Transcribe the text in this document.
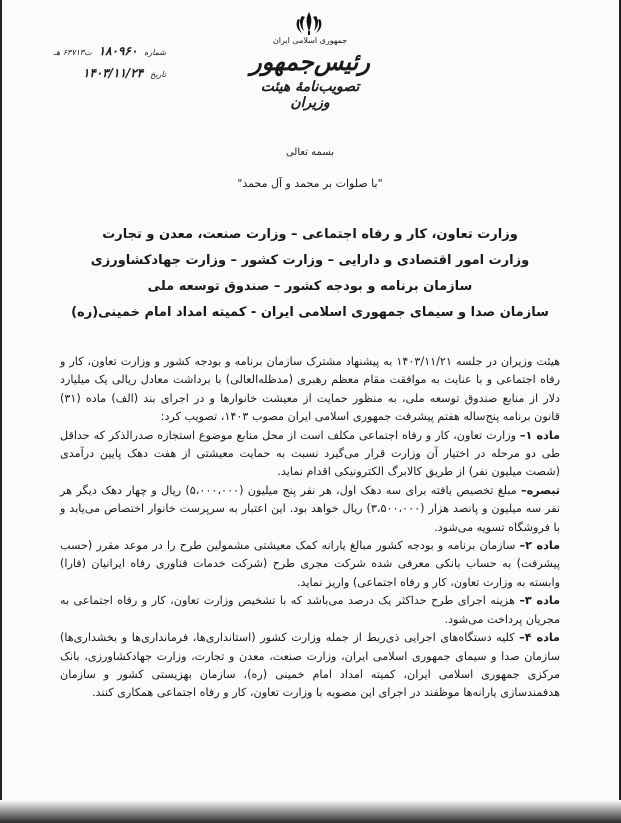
جمهوری اسلامی ایران
رئیس‌جمهور
تصویب‌نامهٔ هیئت وزیران
شماره ۱۸۰۹۶۰ ت۶۳۷۱۳ هـ
تاریخ ۱۴۰۳/۱۱/۲۴
بسمه تعالی
"با صلوات بر محمد و آل محمد"
وزارت تعاون، کار و رفاه اجتماعی – وزارت صنعت، معدن و تجارت
وزارت امور اقتصادی و دارایی – وزارت کشور – وزارت جهادکشاورزی
سازمان برنامه و بودجه کشور – صندوق توسعه ملی
سازمان صدا و سیمای جمهوری اسلامی ایران - کمیته امداد امام خمینی(ره)

هیئت وزیران در جلسه ۱۴۰۳/۱۱/۲۱ به پیشنهاد مشترک سازمان برنامه و بودجه کشور و وزارت تعاون، کار و رفاه اجتماعی و با عنایت به موافقت مقام معظم رهبری (مدظله‌العالی) با برداشت معادل ریالی یک میلیارد دلار از منابع صندوق توسعه ملی، به منظور حمایت از معیشت خانوارها و در اجرای بند (الف) ماده (۳۱) قانون برنامه پنج‌ساله هفتم پیشرفت جمهوری اسلامی ایران مصوب ۱۴۰۳، تصویب کرد:

ماده ۱– وزارت تعاون، کار و رفاه اجتماعی مکلف است از محل منابع موضوع استجازه صدرالذکر که حداقل طی دو مرحله در اختیار آن وزارت قرار می‌گیرد نسبت به حمایت معیشتی از هفت دهک پایین درآمدی (شصت میلیون نفر) از طریق کالابرگ الکترونیکی اقدام نماید.

تبصره– مبلغ تخصیص یافته برای سه دهک اول، هر نفر پنج میلیون (۵،۰۰۰،۰۰۰) ریال و چهار دهک دیگر هر نفر سه میلیون و پانصد هزار (۳،۵۰۰،۰۰۰) ریال خواهد بود. این اعتبار به سرپرست خانوار اختصاص می‌یابد و با فروشگاه تسویه می‌شود.

ماده ۲– سازمان برنامه و بودجه کشور مبالغ یارانه کمک معیشتی مشمولین طرح را در موعد مقرر (حسب پیشرفت) به حساب بانکی معرفی شده شرکت مجری طرح (شرکت خدمات فناوری رفاه ایرانیان (فارا) وابسته به وزارت تعاون، کار و رفاه اجتماعی) واریز نماید.

ماده ۳– هزینه اجرای طرح حداکثر یک درصد می‌باشد که با تشخیص وزارت تعاون، کار و رفاه اجتماعی به مجریان پرداخت می‌شود.

ماده ۴– کلیه دستگاه‌های اجرایی ذی‌ربط از جمله وزارت کشور (استانداری‌ها، فرمانداری‌ها و بخشداری‌ها) سازمان صدا و سیمای جمهوری اسلامی ایران، وزارت صنعت، معدن و تجارت، وزارت جهادکشاورزی، بانک مرکزی جمهوری اسلامی ایران، کمیته امداد امام خمینی (ره)، سازمان بهزیستی کشور و سازمان هدفمندسازی یارانه‌ها موظفند در اجرای این مصوبه با وزارت تعاون، کار و رفاه اجتماعی همکاری کنند.
